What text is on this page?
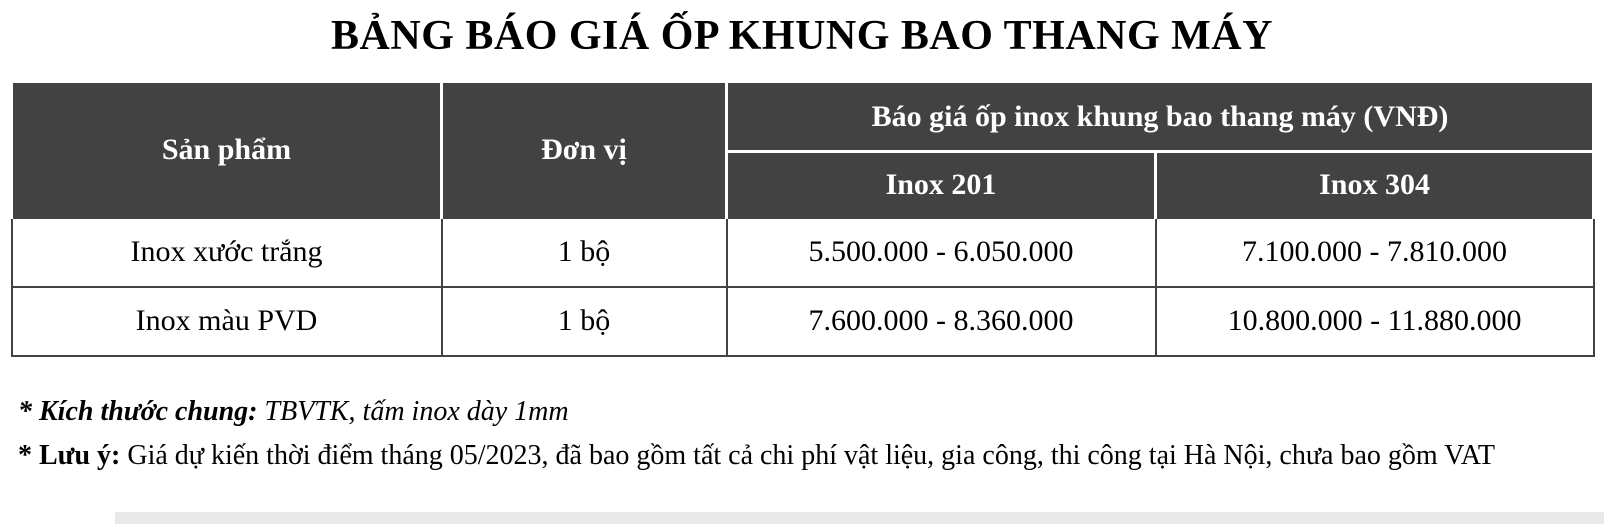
BẢNG BÁO GIÁ ỐP KHUNG BAO THANG MÁY
Sản phẩm	Đơn vị	Báo giá ốp inox khung bao thang máy (VNĐ)	
		Inox 201	Inox 304
Inox xước trắng	1 bộ	5.500.000 - 6.050.000	7.100.000 - 7.810.000
Inox màu PVD	1 bộ	7.600.000 - 8.360.000	10.800.000 - 11.880.000
* Kích thước chung: TBVTK, tấm inox dày 1mm
* Lưu ý: Giá dự kiến thời điểm tháng 05/2023, đã bao gồm tất cả chi phí vật liệu, gia công, thi công tại Hà Nội, chưa bao gồm VAT
